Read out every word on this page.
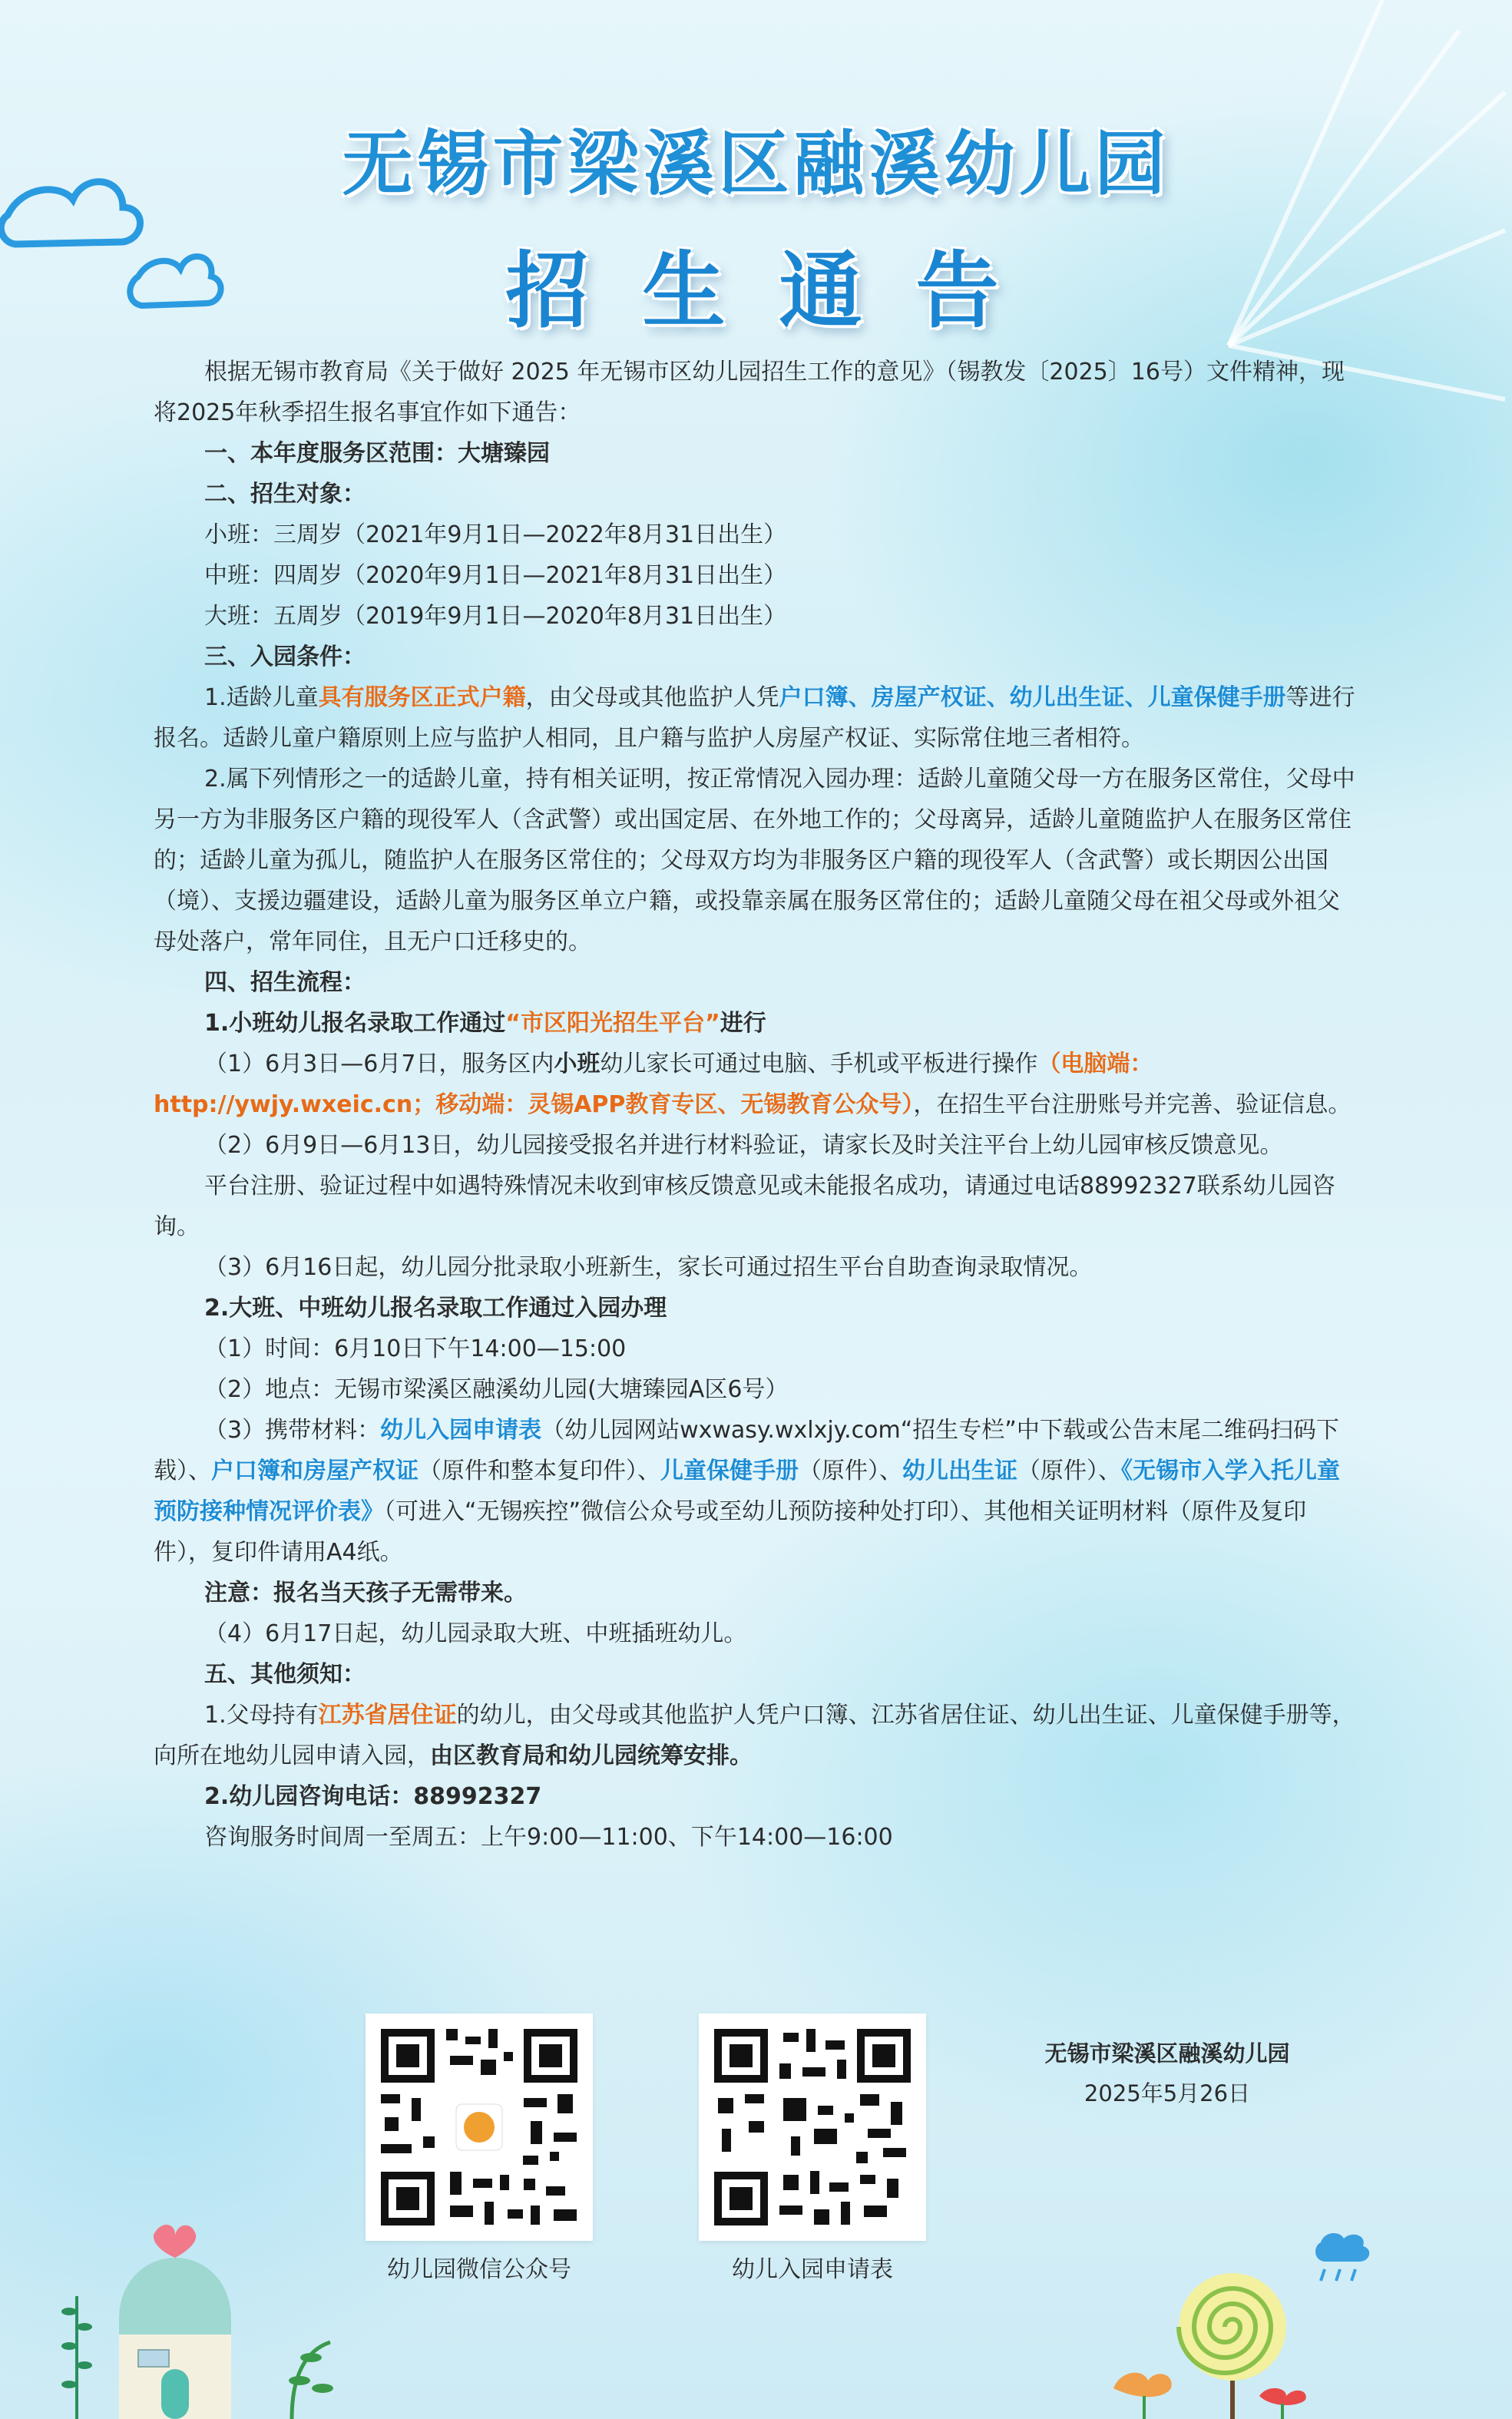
无锡市梁溪区融溪幼儿园
招生通告

根据无锡市教育局《关于做好 2025 年无锡市区幼儿园招生工作的意见》（锡教发〔2025〕16号）文件精神，现将2025年秋季招生报名事宜作如下通告：

一、本年度服务区范围：大塘臻园

二、招生对象：

小班：三周岁（2021年9月1日—2022年8月31日出生）

中班：四周岁（2020年9月1日—2021年8月31日出生）

大班：五周岁（2019年9月1日—2020年8月31日出生）

三、入园条件：

1.适龄儿童具有服务区正式户籍，由父母或其他监护人凭户口簿、房屋产权证、幼儿出生证、儿童保健手册等进行报名。适龄儿童户籍原则上应与监护人相同，且户籍与监护人房屋产权证、实际常住地三者相符。

2.属下列情形之一的适龄儿童，持有相关证明，按正常情况入园办理：适龄儿童随父母一方在服务区常住，父母中另一方为非服务区户籍的现役军人（含武警）或出国定居、在外地工作的；父母离异，适龄儿童随监护人在服务区常住的；适龄儿童为孤儿，随监护人在服务区常住的；父母双方均为非服务区户籍的现役军人（含武警）或长期因公出国（境）、支援边疆建设，适龄儿童为服务区单立户籍，或投靠亲属在服务区常住的；适龄儿童随父母在祖父母或外祖父母处落户，常年同住，且无户口迁移史的。

四、招生流程：

1.小班幼儿报名录取工作通过“市区阳光招生平台”进行

（1）6月3日—6月7日，服务区内小班幼儿家长可通过电脑、手机或平板进行操作（电脑端：http://ywjy.wxeic.cn；移动端：灵锡APP教育专区、无锡教育公众号），在招生平台注册账号并完善、验证信息。

（2）6月9日—6月13日，幼儿园接受报名并进行材料验证，请家长及时关注平台上幼儿园审核反馈意见。

平台注册、验证过程中如遇特殊情况未收到审核反馈意见或未能报名成功，请通过电话88992327联系幼儿园咨询。

（3）6月16日起，幼儿园分批录取小班新生，家长可通过招生平台自助查询录取情况。

2.大班、中班幼儿报名录取工作通过入园办理

（1）时间：6月10日下午14:00—15:00

（2）地点：无锡市梁溪区融溪幼儿园(大塘臻园A区6号）

（3）携带材料：幼儿入园申请表（幼儿园网站wxwasy.wxlxjy.com“招生专栏”中下载或公告末尾二维码扫码下载）、户口簿和房屋产权证（原件和整本复印件）、儿童保健手册（原件）、幼儿出生证（原件）、《无锡市入学入托儿童预防接种情况评价表》（可进入“无锡疾控”微信公众号或至幼儿预防接种处打印）、其他相关证明材料（原件及复印件），复印件请用A4纸。

注意：报名当天孩子无需带来。

（4）6月17日起，幼儿园录取大班、中班插班幼儿。

五、其他须知：

1.父母持有江苏省居住证的幼儿，由父母或其他监护人凭户口簿、江苏省居住证、幼儿出生证、儿童保健手册等，向所在地幼儿园申请入园，由区教育局和幼儿园统筹安排。

2.幼儿园咨询电话：88992327

咨询服务时间周一至周五：上午9:00—11:00、下午14:00—16:00

幼儿园微信公众号	幼儿入园申请表
无锡市梁溪区融溪幼儿园
2025年5月26日
